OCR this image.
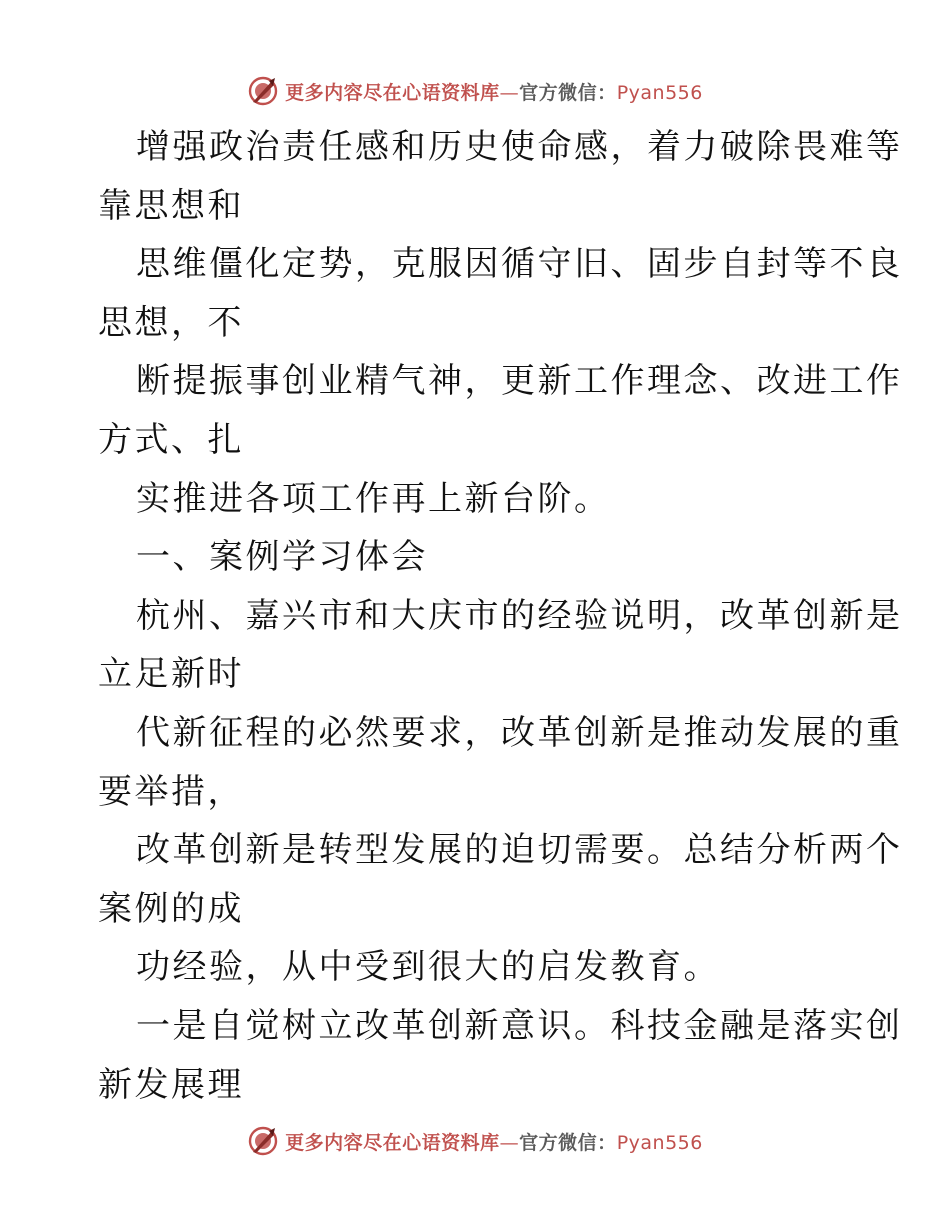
更多内容尽在心语资料库—官方微信：Pyan556
增强政治责任感和历史使命感，着力破除畏难等
靠思想和
思维僵化定势，克服因循守旧、固步自封等不良
思想，不
断提振事创业精气神，更新工作理念、改进工作
方式、扎
实推进各项工作再上新台阶。
一、案例学习体会
杭州、嘉兴市和大庆市的经验说明，改革创新是
立足新时
代新征程的必然要求，改革创新是推动发展的重
要举措，
改革创新是转型发展的迫切需要。总结分析两个
案例的成
功经验，从中受到很大的启发教育。
一是自觉树立改革创新意识。科技金融是落实创
新发展理
更多内容尽在心语资料库—官方微信：Pyan556
